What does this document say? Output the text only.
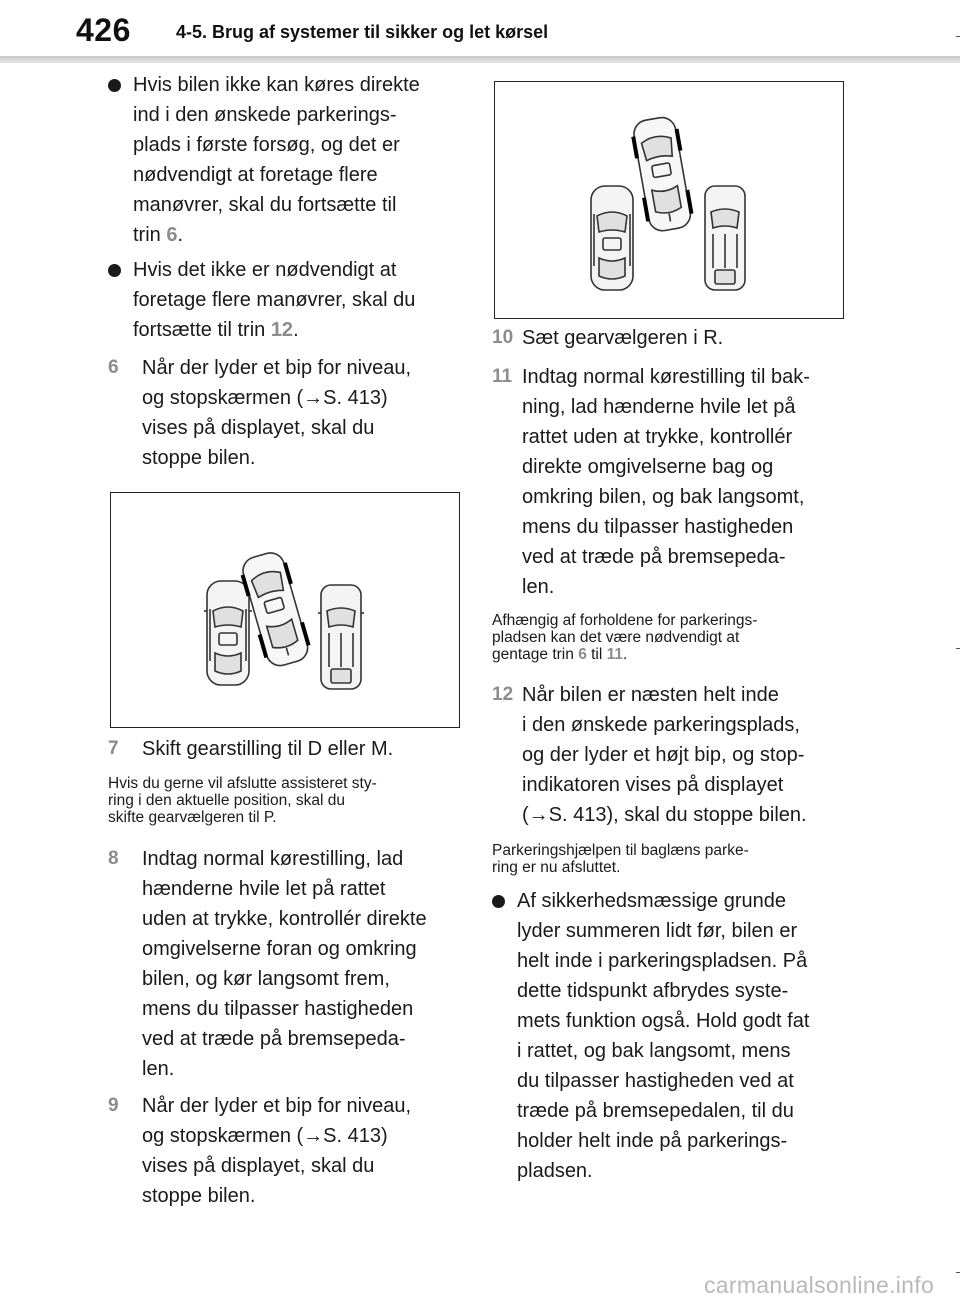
426	4-5. Brug af systemer til sikker og let kørsel
Hvis bilen ikke kan køres direkte
ind i den ønskede parkerings-
plads i første forsøg, og det er
nødvendigt at foretage flere
manøvrer, skal du fortsætte til
trin 6.
Hvis det ikke er nødvendigt at
foretage flere manøvrer, skal du
fortsætte til trin 12.
6	Når der lyder et bip for niveau,
og stopskærmen (→S. 413)
vises på displayet, skal du
stoppe bilen.
7	Skift gearstilling til D eller M.
Hvis du gerne vil afslutte assisteret sty-
ring i den aktuelle position, skal du
skifte gearvælgeren til P.
8	Indtag normal kørestilling, lad
hænderne hvile let på rattet
uden at trykke, kontrollér direkte
omgivelserne foran og omkring
bilen, og kør langsomt frem,
mens du tilpasser hastigheden
ved at træde på bremsepeda-
len.
9	Når der lyder et bip for niveau,
og stopskærmen (→S. 413)
vises på displayet, skal du
stoppe bilen.
10 Sæt gearvælgeren i R.
11 Indtag normal kørestilling til bak-
ning, lad hænderne hvile let på
rattet uden at trykke, kontrollér
direkte omgivelserne bag og
omkring bilen, og bak langsomt,
mens du tilpasser hastigheden
ved at træde på bremsepeda-
len.
Afhængig af forholdene for parkerings-
pladsen kan det være nødvendigt at
gentage trin 6 til 11.
12 Når bilen er næsten helt inde
i den ønskede parkeringsplads,
og der lyder et højt bip, og stop-
indikatoren vises på displayet
(→S. 413), skal du stoppe bilen.
Parkeringshjælpen til baglæns parke-
ring er nu afsluttet.
Af sikkerhedsmæssige grunde
lyder summeren lidt før, bilen er
helt inde i parkeringspladsen. På
dette tidspunkt afbrydes syste-
mets funktion også. Hold godt fat
i rattet, og bak langsomt, mens
du tilpasser hastigheden ved at
træde på bremsepedalen, til du
holder helt inde på parkerings-
pladsen.
carmanualsonline.info
